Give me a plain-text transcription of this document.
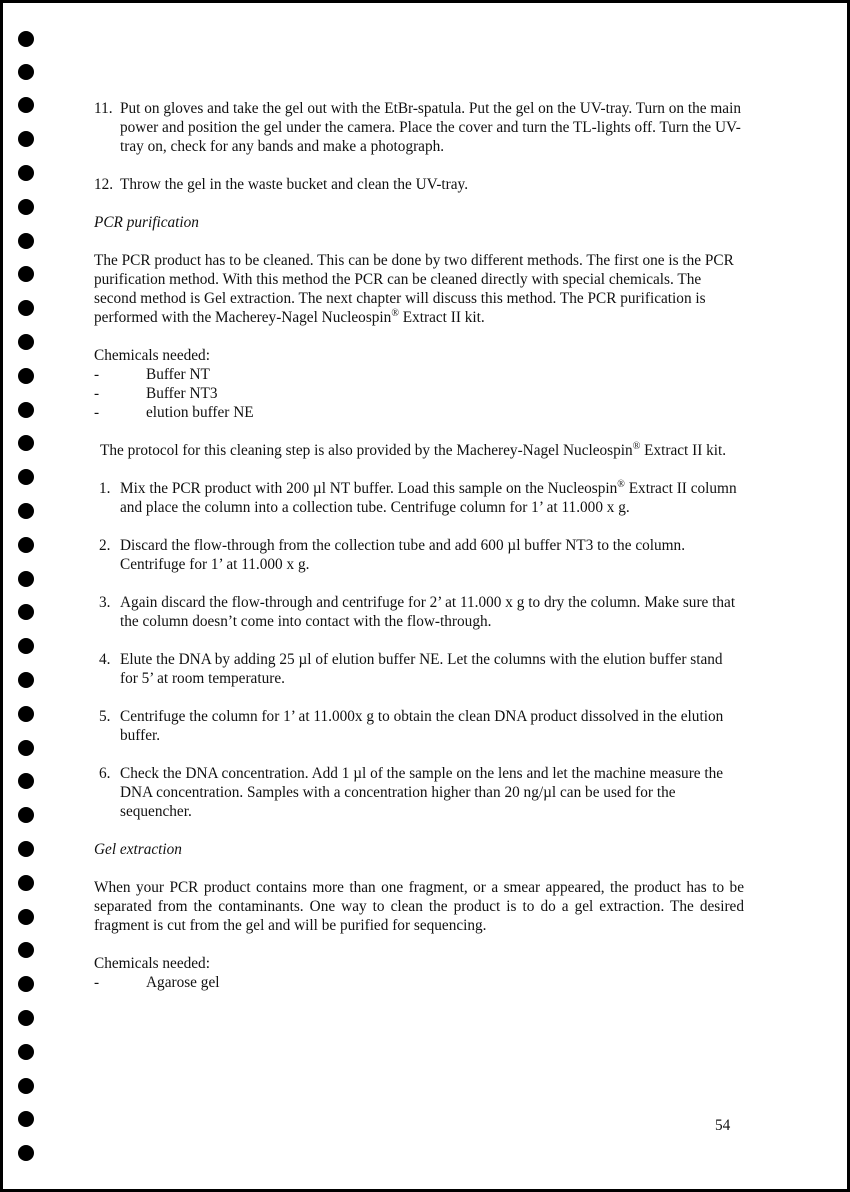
11. Put on gloves and take the gel out with the EtBr-spatula. Put the gel on the UV-tray. Turn on the main power and position the gel under the camera. Place the cover and turn the TL-lights off. Turn the UV-tray on, check for any bands and make a photograph.

12. Throw the gel in the waste bucket and clean the UV-tray.

PCR purification

The PCR product has to be cleaned. This can be done by two different methods. The first one is the PCR purification method. With this method the PCR can be cleaned directly with special chemicals. The second method is Gel extraction. The next chapter will discuss this method. The PCR purification is performed with the Macherey-Nagel Nucleospin® Extract II kit.

Chemicals needed:

-	Buffer NT

-	Buffer NT3

-	elution buffer NE

The protocol for this cleaning step is also provided by the Macherey-Nagel Nucleospin® Extract II kit.

1. Mix the PCR product with 200 µl NT buffer. Load this sample on the Nucleospin® Extract II column and place the column into a collection tube. Centrifuge column for 1’ at 11.000 x g.

2. Discard the flow-through from the collection tube and add 600 µl buffer NT3 to the column. Centrifuge for 1’ at 11.000 x g.

3. Again discard the flow-through and centrifuge for 2’ at 11.000 x g to dry the column. Make sure that the column doesn’t come into contact with the flow-through.

4. Elute the DNA by adding 25 µl of elution buffer NE. Let the columns with the elution buffer stand for 5’ at room temperature.

5. Centrifuge the column for 1’ at 11.000x g to obtain the clean DNA product dissolved in the elution buffer.

6. Check the DNA concentration. Add 1 µl of the sample on the lens and let the machine measure the DNA concentration. Samples with a concentration higher than 20 ng/µl can be used for the sequencher.

Gel extraction

When your PCR product contains more than one fragment, or a smear appeared, the product has to be separated from the contaminants. One way to clean the product is to do a gel extraction. The desired fragment is cut from the gel and will be purified for sequencing.

Chemicals needed:

-	Agarose gel

54
